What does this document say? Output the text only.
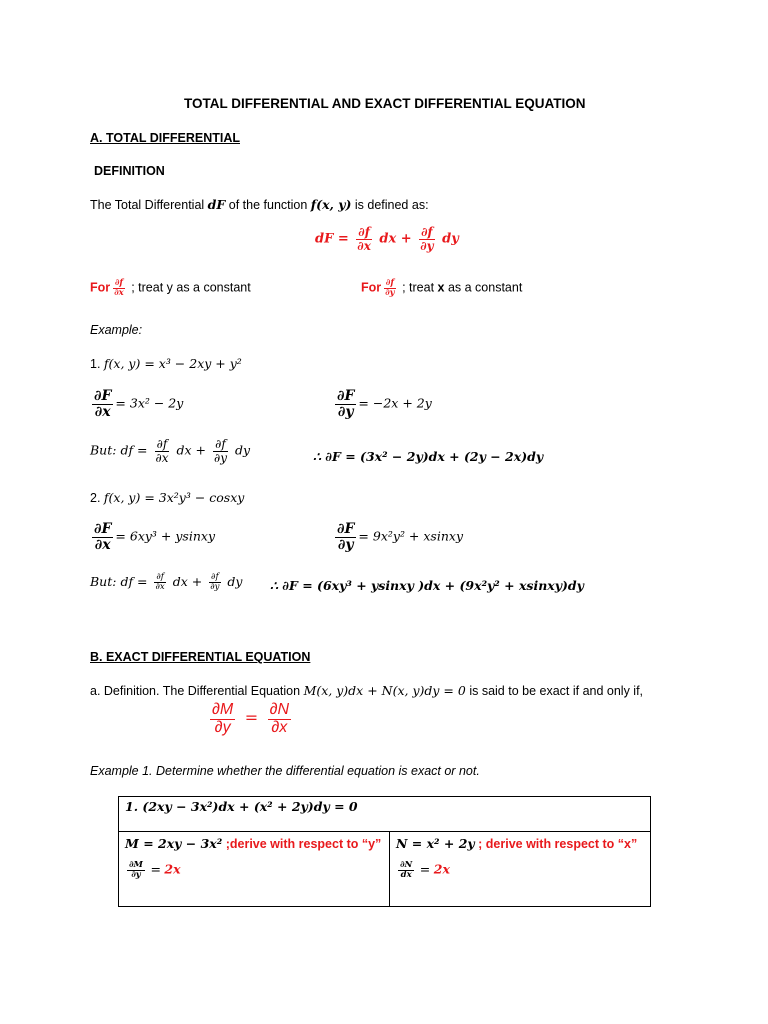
TOTAL DIFFERENTIAL AND EXACT DIFFERENTIAL EQUATION
A. TOTAL DIFFERENTIAL
DEFINITION
The Total Differential dF of the function f(x, y) is defined as:
dF = $\frac{\partial f}{\partial x}$ dx + $\frac{\partial f}{\partial y}$ dy
For $\frac{\partial f}{\partial x}$ ; treat y as a constant	For $\frac{\partial f}{\partial y}$ ; treat x as a constant
Example:
1. f(x, y) = x³ − 2xy + y²
$\frac{\partial F}{\partial x} = 3x^2 - 2y$	$\frac{\partial F}{\partial y} = -2x + 2y$
But: df = $\frac{\partial f}{\partial x}$ dx + $\frac{\partial f}{\partial y}$ dy	∴ ∂F = (3x² − 2y)dx + (2y − 2x)dy
2. f(x, y) = 3x²y³ − cosxy
$\frac{\partial F}{\partial x} = 6xy^3$ + ysinxy	$\frac{\partial F}{\partial y} = 9x^2y^2$ + xsinxy
But: df = $\frac{\partial f}{\partial x}$ dx + $\frac{\partial f}{\partial y}$ dy ∴ ∂F = (6xy³ + ysinxy )dx + (9x²y² + xsinxy)dy
B. EXACT DIFFERENTIAL EQUATION
a. Definition. The Differential Equation M(x, y)dx + N(x, y)dy = 0 is said to be exact if and only if,
$\frac{\partial M}{\partial y} = \frac{\partial N}{\partial x}$
Example 1. Determine whether the differential equation is exact or not.
1. (2xy − 3x²)dx + (x² + 2y)dy = 0

M = 2xy − 3x² ;derive with respect to “y”
$\frac{\partial M}{\partial y} = 2x$

N = x² + 2y ; derive with respect to “x”
$\frac{\partial N}{dx} = 2x$
